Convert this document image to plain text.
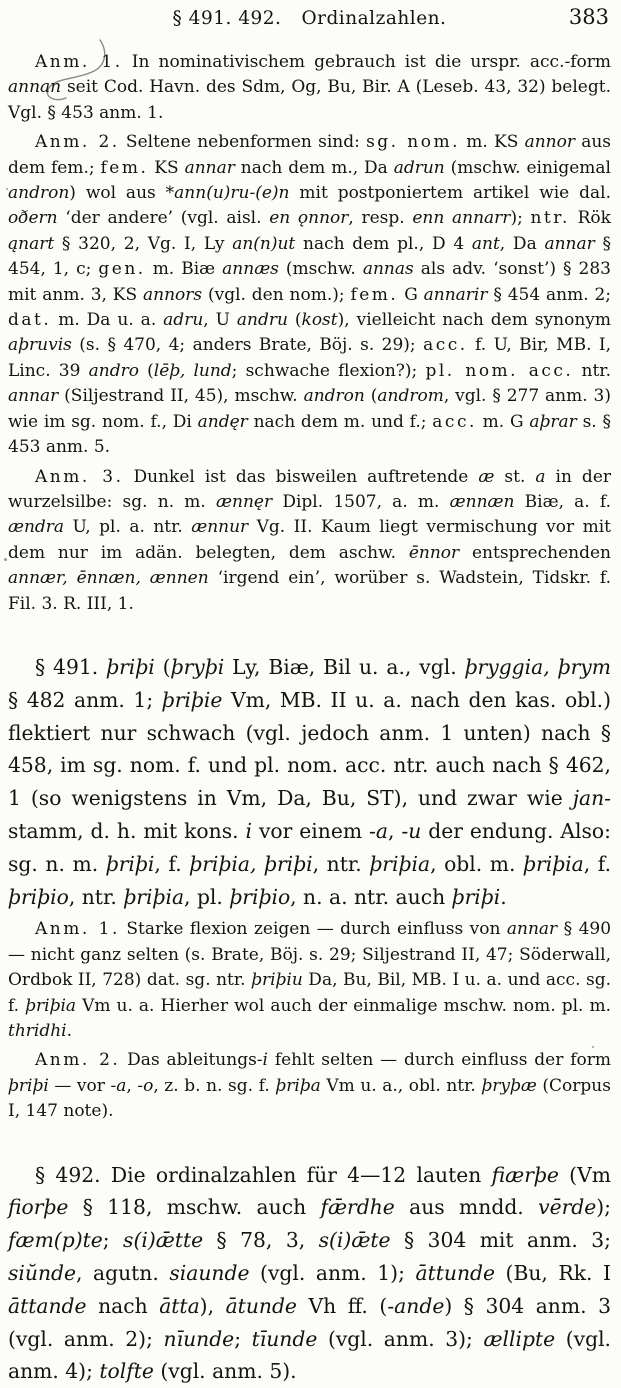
§ 491. 492. Ordinalzahlen.	383

Anm. 1. In nominativischem gebrauch ist die urspr. acc.-form annan seit Cod. Havn. des Sdm, Og, Bu, Bir. A (Leseb. 43, 32) belegt. Vgl. § 453 anm. 1.

Anm. 2. Seltene nebenformen sind: sg. nom. m. KS annor aus dem fem.; fem. KS annar nach dem m., Da adrun (mschw. einigemal andron) wol aus *ann(u)ru-(e)n mit postponiertem artikel wie dal. oðern ‘der andere’ (vgl. aisl. en ǫnnor, resp. enn annarr); ntr. Rök ąnart § 320, 2, Vg. I, Ly an(n)ut nach dem pl., D 4 ant, Da annar § 454, 1, c; gen. m. Biæ annæs (mschw. annas als adv. ‘sonst’) § 283 mit anm. 3, KS annors (vgl. den nom.); fem. G annarir § 454 anm. 2; dat. m. Da u. a. adru, U andru (kost), vielleicht nach dem synonym aþruvis (s. § 470, 4; anders Brate, Böj. s. 29); acc. f. U, Bir, MB. I, Linc. 39 andro (lēþ, lund; schwache flexion?); pl. nom. acc. ntr. annar (Siljestrand II, 45), mschw. andron (androm, vgl. § 277 anm. 3) wie im sg. nom. f., Di andęr nach dem m. und f.; acc. m. G aþrar s. § 453 anm. 5.

Anm. 3. Dunkel ist das bisweilen auftretende æ st. a in der wurzelsilbe: sg. n. m. ænnęr Dipl. 1507, a. m. ænnæn Biæ, a. f. ændra U, pl. a. ntr. ænnur Vg. II. Kaum liegt vermischung vor mit dem nur im adän. belegten, dem aschw. ēnnor entsprechenden annær, ēnnæn, ænnen ‘irgend ein’, worüber s. Wadstein, Tidskr. f. Fil. 3. R. III, 1.

§ 491. þriþi (þryþi Ly, Biæ, Bil u. a., vgl. þryggia, þrym § 482 anm. 1; þriþie Vm, MB. II u. a. nach den kas. obl.) flektiert nur schwach (vgl. jedoch anm. 1 unten) nach § 458, im sg. nom. f. und pl. nom. acc. ntr. auch nach § 462, 1 (so wenigstens in Vm, Da, Bu, ST), und zwar wie jan-stamm, d. h. mit kons. i vor einem -a, -u der endung. Also: sg. n. m. þriþi, f. þriþia, þriþi, ntr. þriþia, obl. m. þriþia, f. þriþio, ntr. þriþia, pl. þriþio, n. a. ntr. auch þriþi.

Anm. 1. Starke flexion zeigen — durch einfluss von annar § 490 — nicht ganz selten (s. Brate, Böj. s. 29; Siljestrand II, 47; Söderwall, Ordbok II, 728) dat. sg. ntr. þriþiu Da, Bu, Bil, MB. I u. a. und acc. sg. f. þriþia Vm u. a. Hierher wol auch der einmalige mschw. nom. pl. m. thridhi.

Anm. 2. Das ableitungs-i fehlt selten — durch einfluss der form þriþi — vor -a, -o, z. b. n. sg. f. þriþa Vm u. a., obl. ntr. þryþæ (Corpus I, 147 note).

§ 492. Die ordinalzahlen für 4—12 lauten fiærþe (Vm fiorþe § 118, mschw. auch fǣrdhe aus mndd. vērde); fæm(p)te; s(i)ǣtte § 78, 3, s(i)ǣte § 304 mit anm. 3; siŭnde, agutn. siaunde (vgl. anm. 1); āttunde (Bu, Rk. I āttande nach ātta), ātunde Vh ff. (-ande) § 304 anm. 3 (vgl. anm. 2); nīunde; tīunde (vgl. anm. 3); ællipte (vgl. anm. 4); tolfte (vgl. anm. 5).
